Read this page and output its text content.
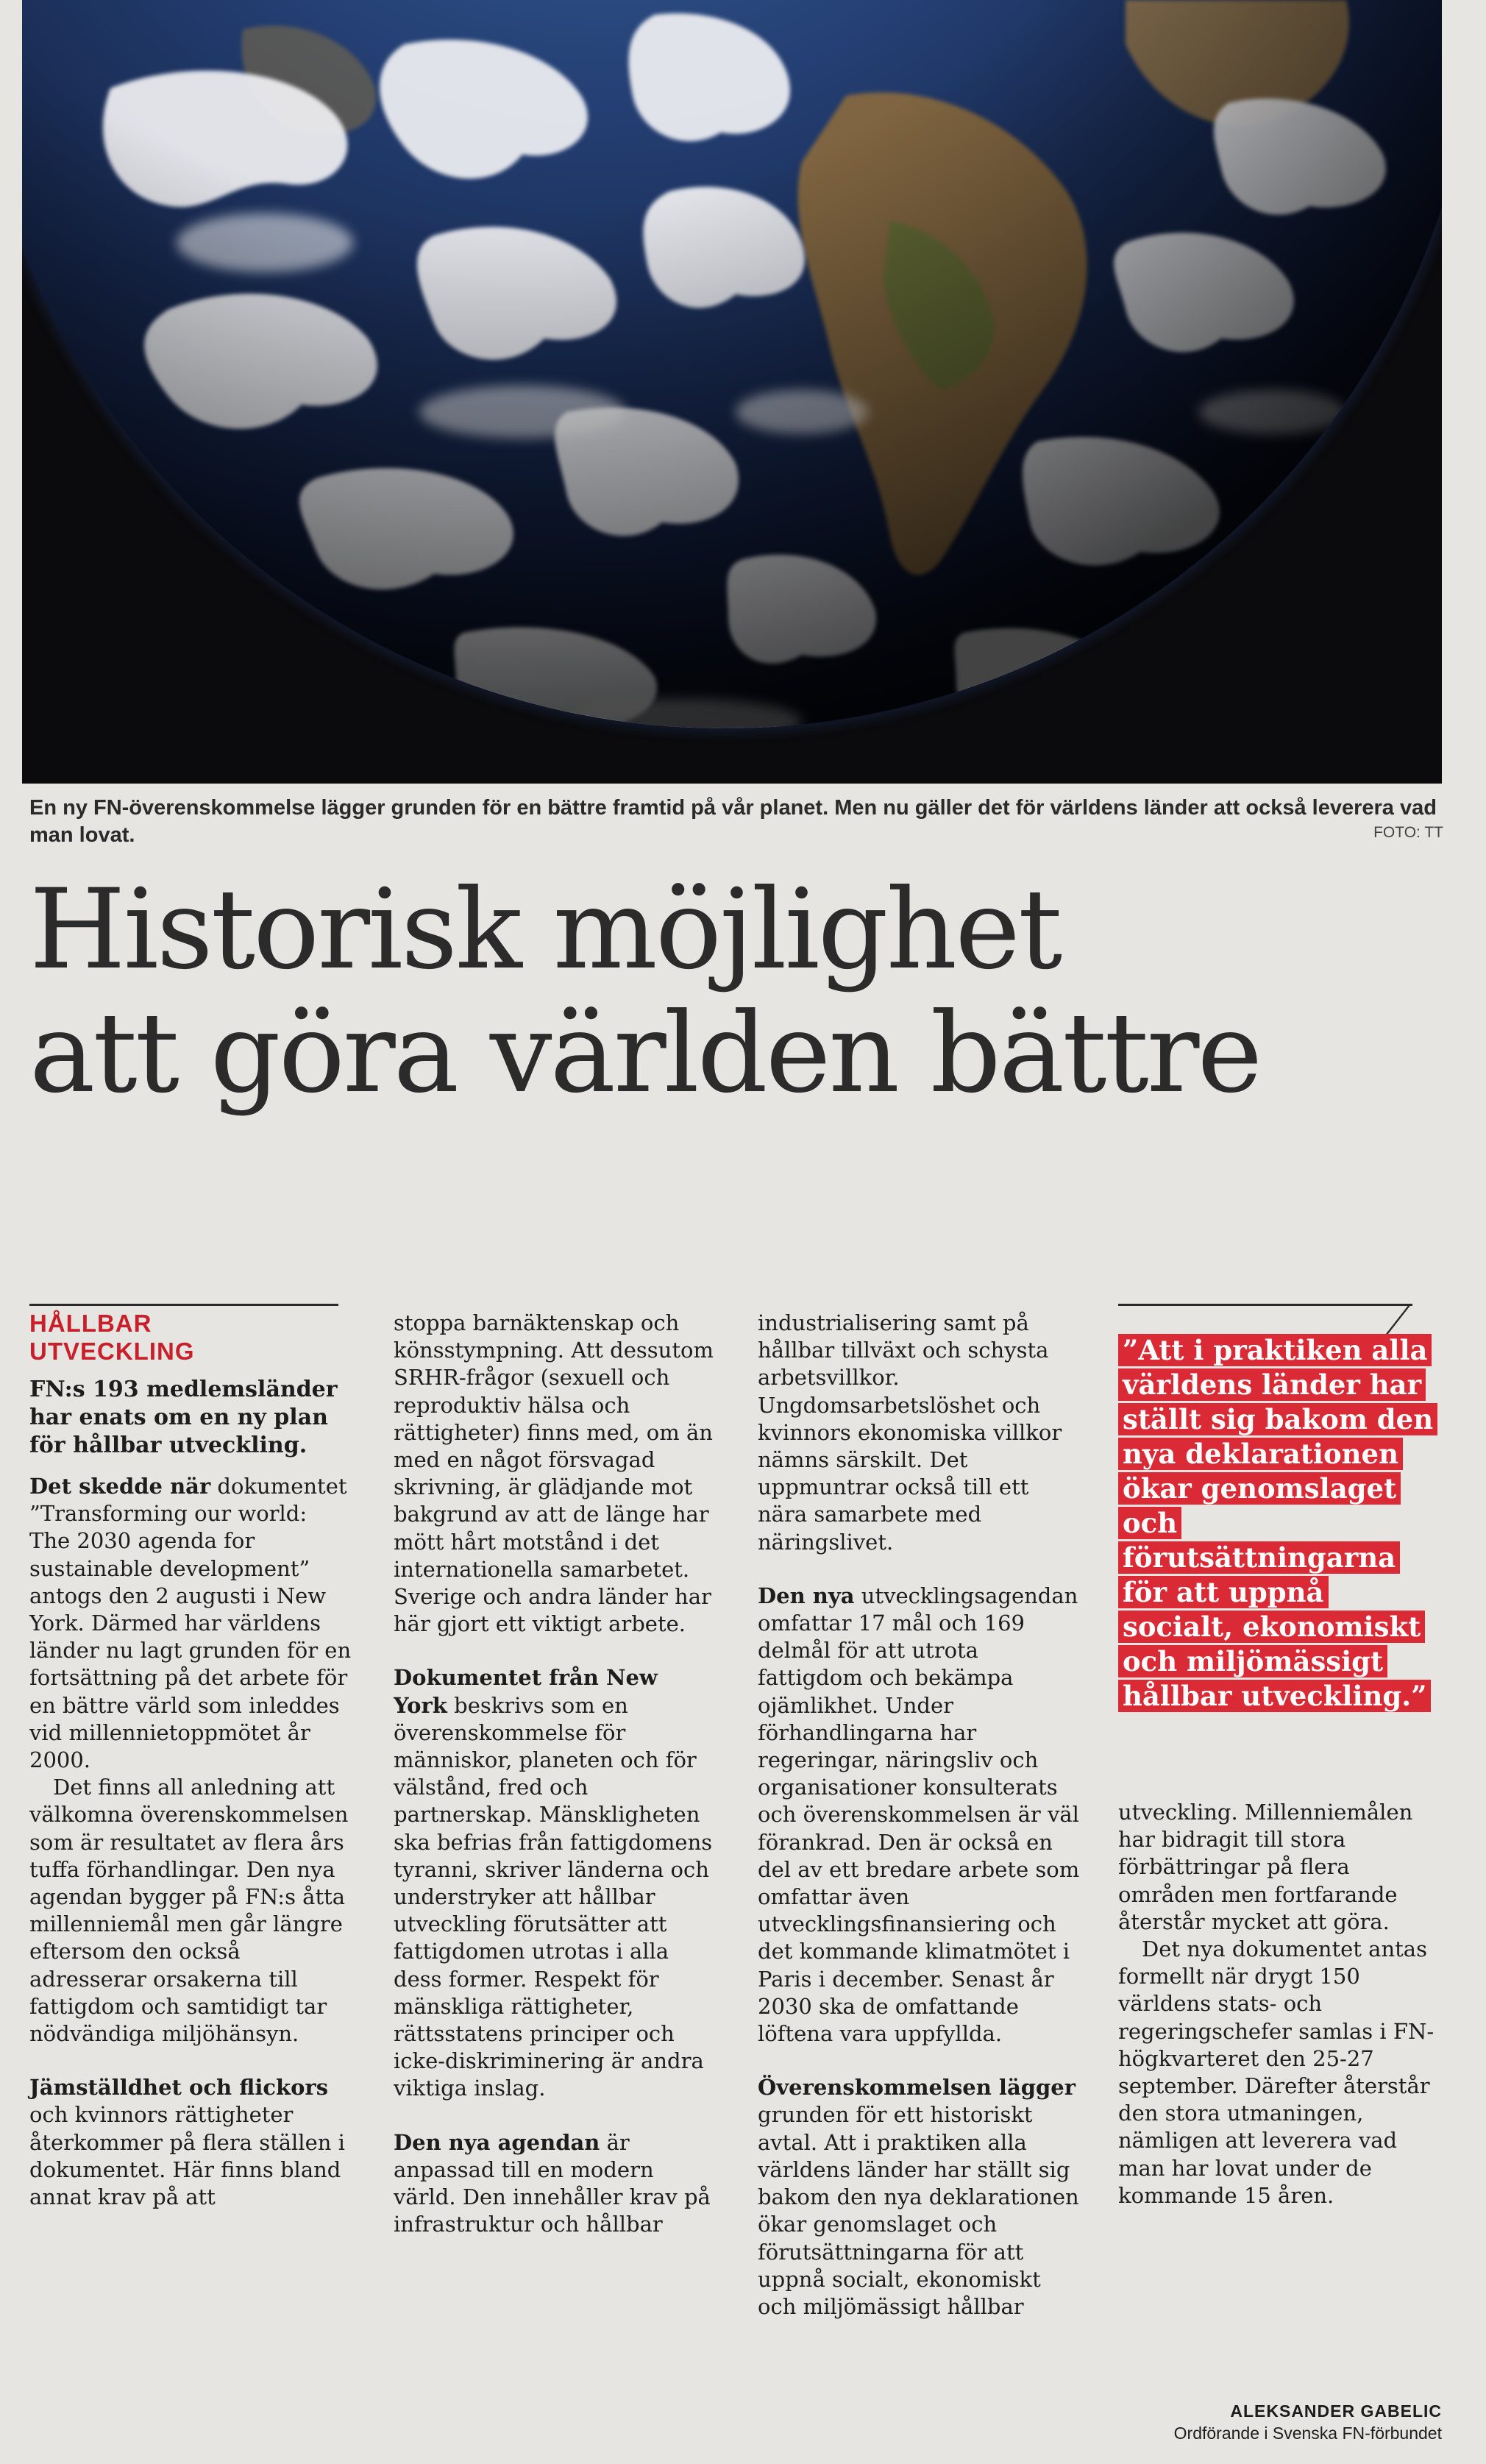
En ny FN-överenskommelse lägger grunden för en bättre framtid på vår planet. Men nu gäller det för världens länder att också leverera vad man lovat.	FOTO: TT
Historisk möjlighet
att göra världen bättre
HÅLLBAR
UTVECKLING
FN:s 193 medlemsländer har enats om en ny plan för hållbar utveckling.

Det skedde när dokumentet ”Transforming our world: The 2030 agenda for sustainable development” antogs den 2 augusti i New York. Därmed har världens länder nu lagt grunden för en fortsättning på det arbete för en bättre värld som inleddes vid millennietoppmötet år 2000.

Det finns all anledning att välkomna överenskommelsen som är resultatet av flera års tuffa förhandlingar. Den nya agendan bygger på FN:s åtta millenniemål men går längre eftersom den också adresserar orsakerna till fattigdom och samtidigt tar nödvändiga miljöhänsyn.

Jämställdhet och flickors och kvinnors rättigheter återkommer på flera ställen i dokumentet. Här finns bland annat krav på att

stoppa barnäktenskap och könsstympning. Att dessutom SRHR-frågor (sexuell och reproduktiv hälsa och rättigheter) finns med, om än med en något försvagad skrivning, är glädjande mot bakgrund av att de länge har mött hårt motstånd i det internationella samarbetet. Sverige och andra länder har här gjort ett viktigt arbete.

Dokumentet från New York beskrivs som en överenskommelse för människor, planeten och för välstånd, fred och partnerskap. Mänskligheten ska befrias från fattigdomens tyranni, skriver länderna och understryker att hållbar utveckling förutsätter att fattigdomen utrotas i alla dess former. Respekt för mänskliga rättigheter, rättsstatens principer och icke-diskriminering är andra viktiga inslag.

Den nya agendan är anpassad till en modern värld. Den innehåller krav på infrastruktur och hållbar

industrialisering samt på hållbar tillväxt och schysta arbetsvillkor. Ungdomsarbetslöshet och kvinnors ekonomiska villkor nämns särskilt. Det uppmuntrar också till ett nära samarbete med näringslivet.

Den nya utvecklingsagendan omfattar 17 mål och 169 delmål för att utrota fattigdom och bekämpa ojämlikhet. Under förhandlingarna har regeringar, näringsliv och organisationer konsulterats och överenskommelsen är väl förankrad. Den är också en del av ett bredare arbete som omfattar även utvecklingsfinansiering och det kommande klimatmötet i Paris i december. Senast år 2030 ska de omfattande löftena vara uppfyllda.

Överenskommelsen lägger grunden för ett historiskt avtal. Att i praktiken alla världens länder har ställt sig bakom den nya deklarationen ökar genomslaget och förutsättningarna för att uppnå socialt, ekonomiskt och miljömässigt hållbar

”Att i praktiken alla världens länder har ställt sig bakom den nya deklarationen ökar genomslaget och förutsättningarna för att uppnå socialt, ekonomiskt och miljömässigt hållbar utveckling.”

utveckling. Millenniemålen har bidragit till stora förbättringar på flera områden men fortfarande återstår mycket att göra.

Det nya dokumentet antas formellt när drygt 150 världens stats- och regeringschefer samlas i FN-högkvarteret den 25-27 september. Därefter återstår den stora utmaningen, nämligen att leverera vad man har lovat under de kommande 15 åren.

ALEKSANDER GABELIC
Ordförande i Svenska FN-förbundet
